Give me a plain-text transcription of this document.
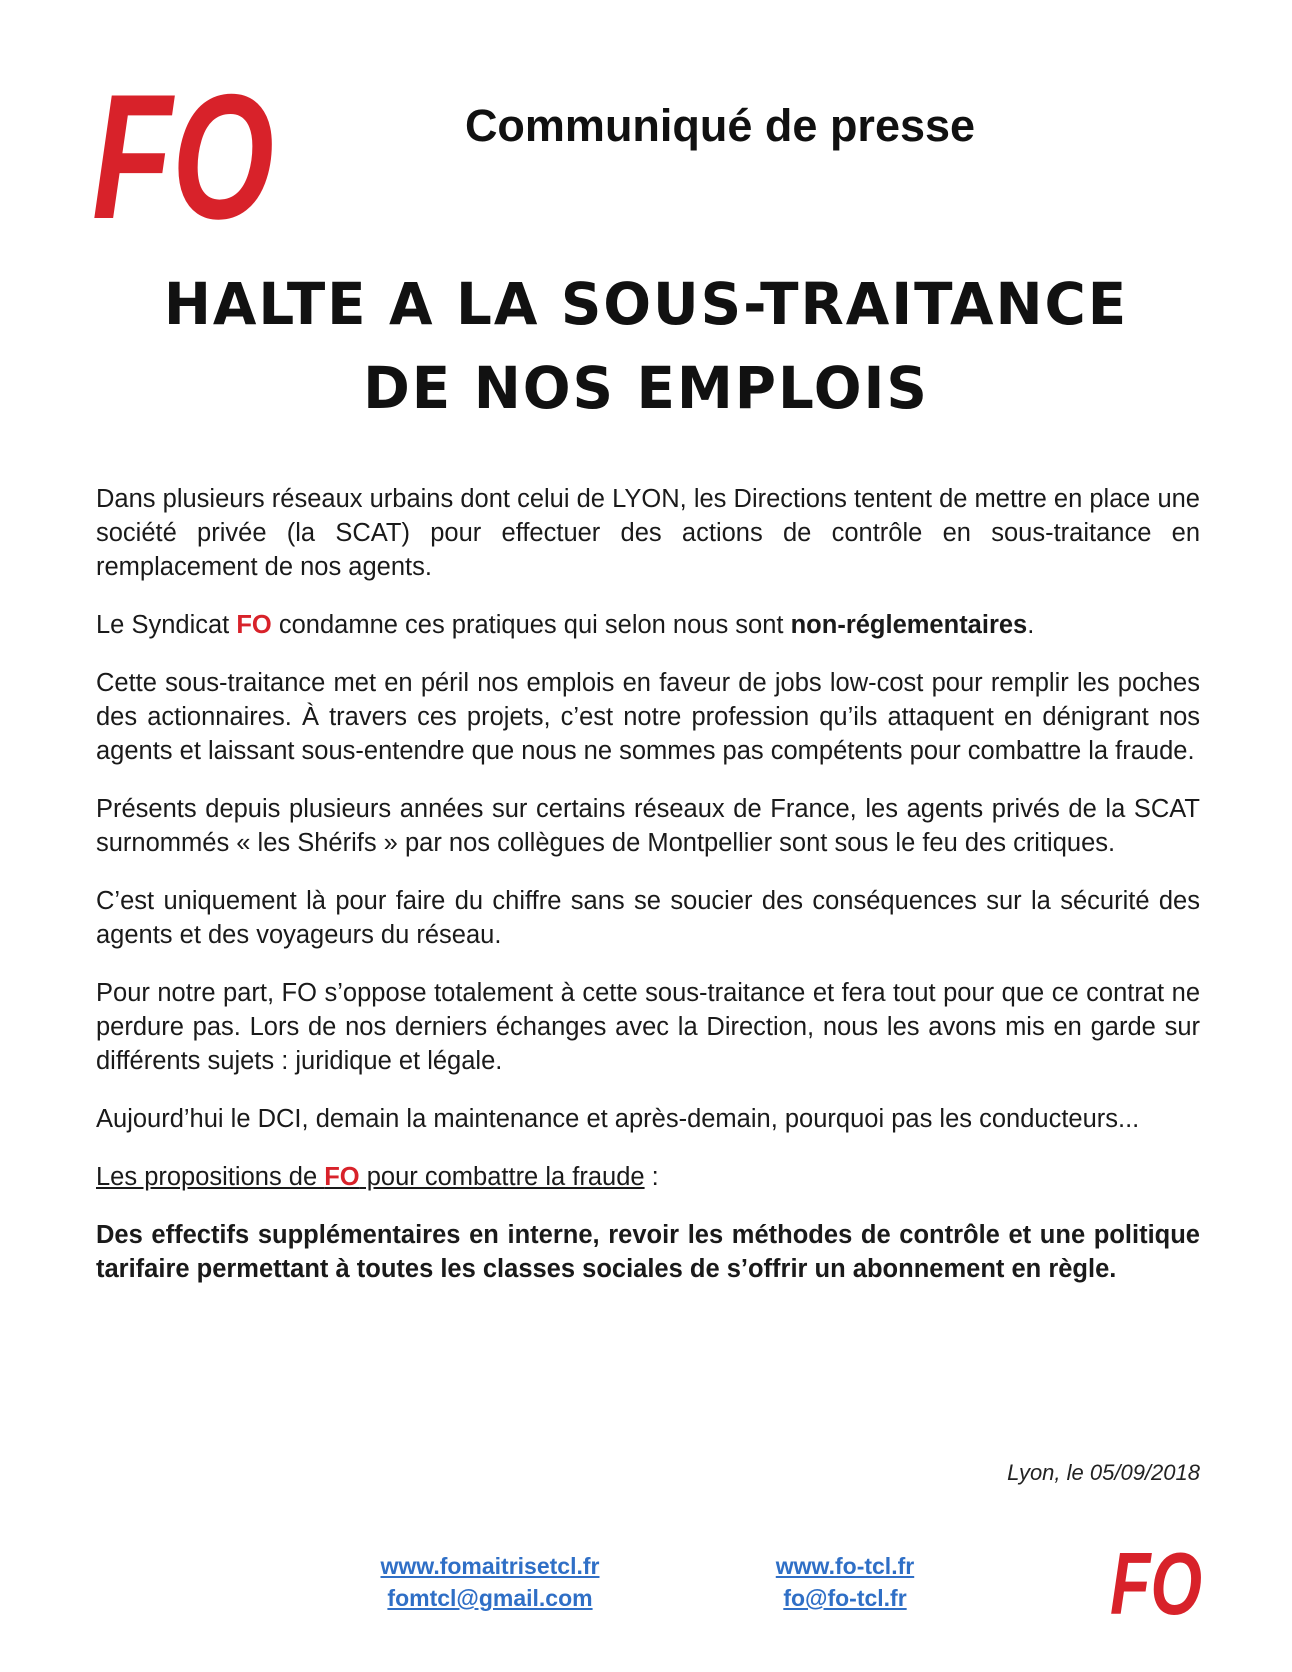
FO	Communiqué de presse
HALTE A LA SOUS-TRAITANCE
DE NOS EMPLOIS

Dans plusieurs réseaux urbains dont celui de LYON, les Directions tentent de mettre en place une société privée (la SCAT) pour effectuer des actions de contrôle en sous-traitance en remplacement de nos agents.

Le Syndicat FO condamne ces pratiques qui selon nous sont non-réglementaires.

Cette sous-traitance met en péril nos emplois en faveur de jobs low-cost pour remplir les poches des actionnaires. À travers ces projets, c’est notre profession qu’ils attaquent en dénigrant nos agents et laissant sous-entendre que nous ne sommes pas compétents pour combattre la fraude.

Présents depuis plusieurs années sur certains réseaux de France, les agents privés de la SCAT surnommés « les Shérifs » par nos collègues de Montpellier sont sous le feu des critiques.

C’est uniquement là pour faire du chiffre sans se soucier des conséquences sur la sécurité des agents et des voyageurs du réseau.

Pour notre part, FO s’oppose totalement à cette sous-traitance et fera tout pour que ce contrat ne perdure pas. Lors de nos derniers échanges avec la Direction, nous les avons mis en garde sur différents sujets : juridique et légale.

Aujourd’hui le DCI, demain la maintenance et après-demain, pourquoi pas les conducteurs...

Les propositions de FO pour combattre la fraude :

Des effectifs supplémentaires en interne, revoir les méthodes de contrôle et une politique tarifaire permettant à toutes les classes sociales de s’offrir un abonnement en règle.

Lyon, le 05/09/2018
www.fomaitrisetcl.fr
fomtcl@gmail.com
www.fo-tcl.fr
fo@fo-tcl.fr	FO
